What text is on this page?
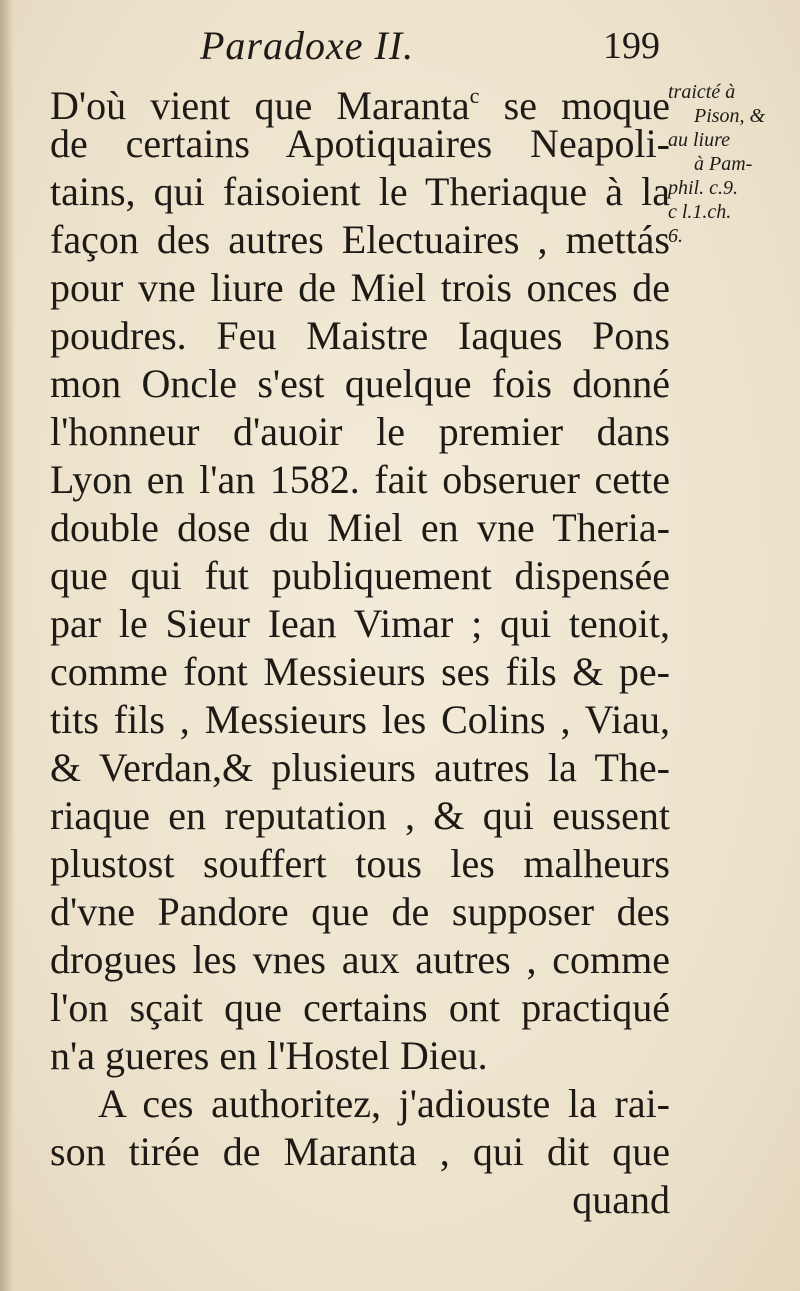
Paradoxe II.	199
D'où vient que Maranta$^c$ se moque
de certains Apotiquaires Neapoli-
tains, qui faisoient le Theriaque à la
façon des autres Electuaires , mettás
pour vne liure de Miel trois onces de
poudres. Feu Maistre Iaques Pons
mon Oncle s'est quelque fois donné
l'honneur d'auoir le premier dans
Lyon en l'an 1582. fait obseruer cette
double dose du Miel en vne Theria-
que qui fut publiquement dispensée
par le Sieur Iean Vimar ; qui tenoit,
comme font Messieurs ses fils & pe-
tits fils , Messieurs les Colins , Viau,
& Verdan,& plusieurs autres la The-
riaque en reputation , & qui eussent
plustost souffert tous les malheurs
d'vne Pandore que de supposer des
drogues les vnes aux autres , comme
l'on sçait que certains ont practiqué
n'a gueres en l'Hostel Dieu.
A ces authoritez, j'adiouste la rai-
son tirée de Maranta , qui dit que
quand
traicté à
Pison, &
au liure
à Pam-
phil. c.9.
c l.1.ch.
6.
